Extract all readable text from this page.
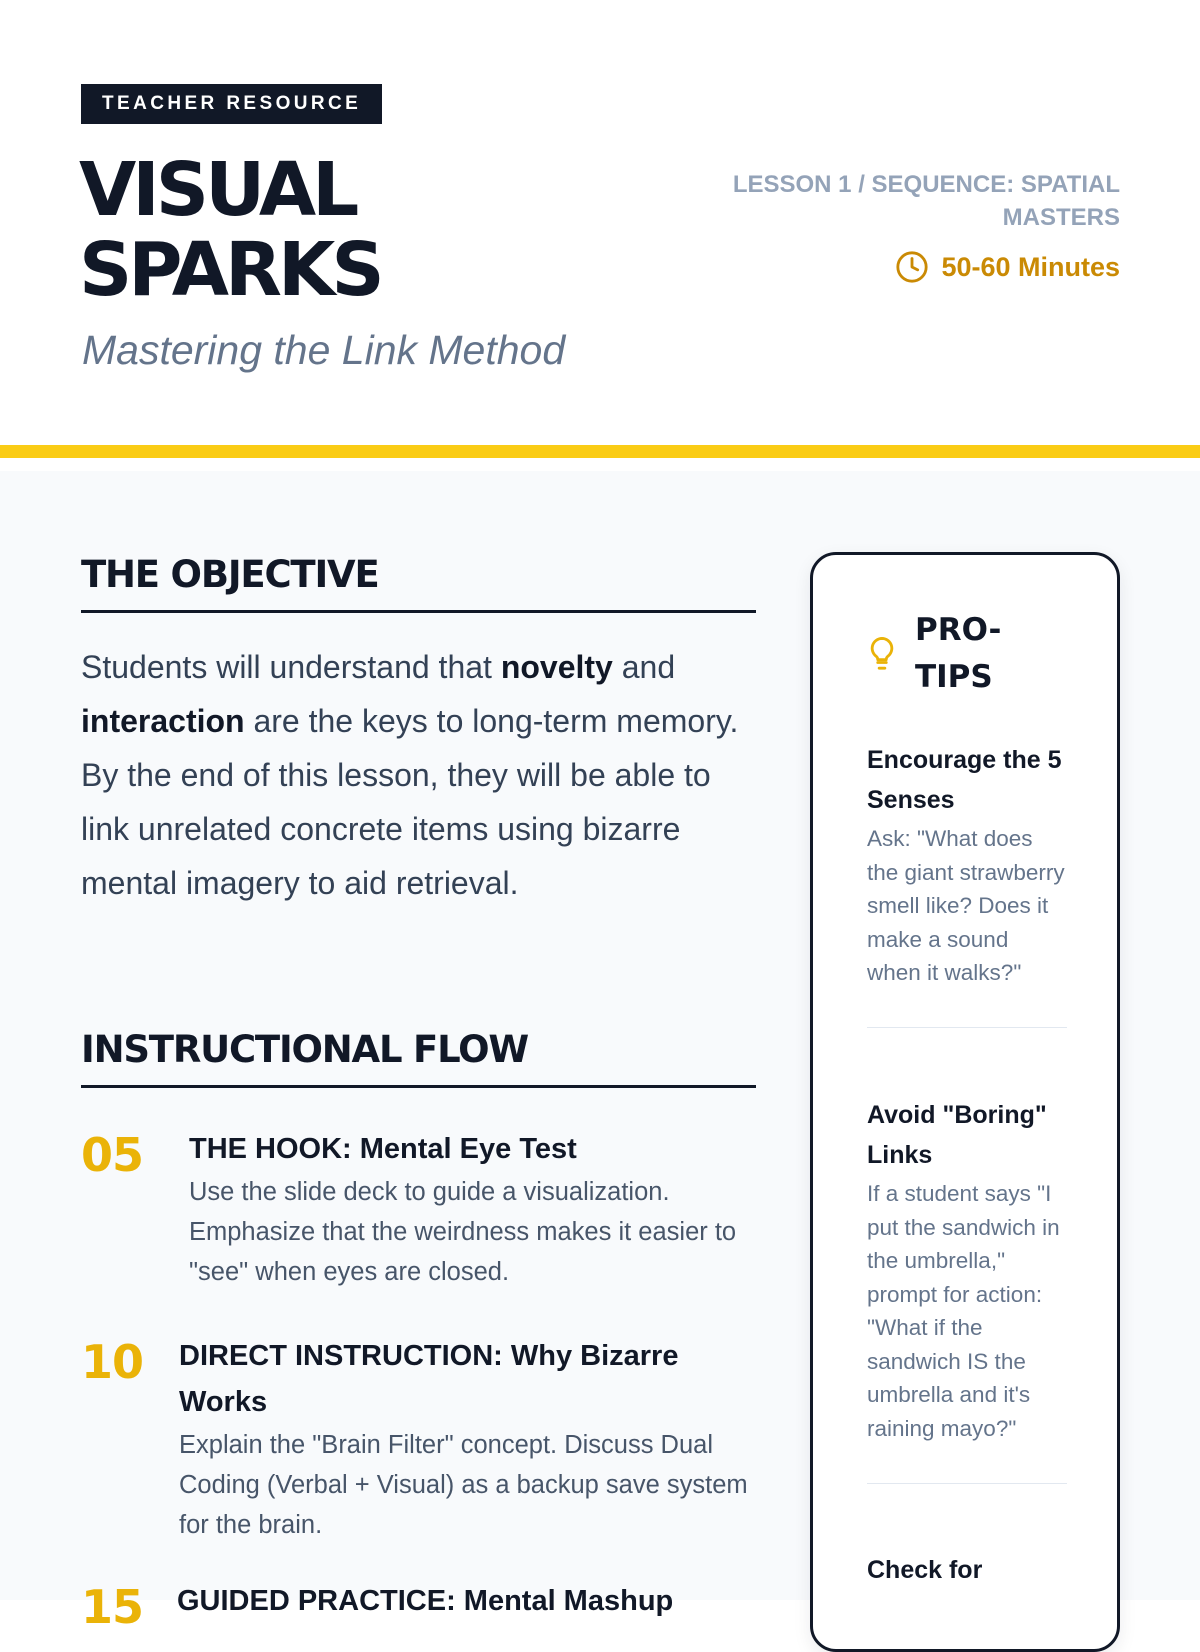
TEACHER RESOURCE
VISUAL
SPARKS
Mastering the Link Method
LESSON 1 / SEQUENCE: SPATIAL MASTERS
50-60 Minutes
THE OBJECTIVE

Students will understand that novelty and interaction are the keys to long-term memory. By the end of this lesson, they will be able to link unrelated concrete items using bizarre mental imagery to aid retrieval.

INSTRUCTIONAL FLOW
05	THE HOOK: Mental Eye Test
Use the slide deck to guide a visualization. Emphasize that the weirdness makes it easier to "see" when eyes are closed.
10	DIRECT INSTRUCTION: Why Bizarre Works
Explain the "Brain Filter" concept. Discuss Dual Coding (Verbal + Visual) as a backup save system for the brain.
15	GUIDED PRACTICE: Mental Mashup
PRO-TIPS
Encourage the 5 Senses
Ask: "What does the giant strawberry smell like? Does it make a sound when it walks?"
Avoid "Boring" Links
If a student says "I put the sandwich in the umbrella," prompt for action: "What if the sandwich IS the umbrella and it's raining mayo?"
Check for
